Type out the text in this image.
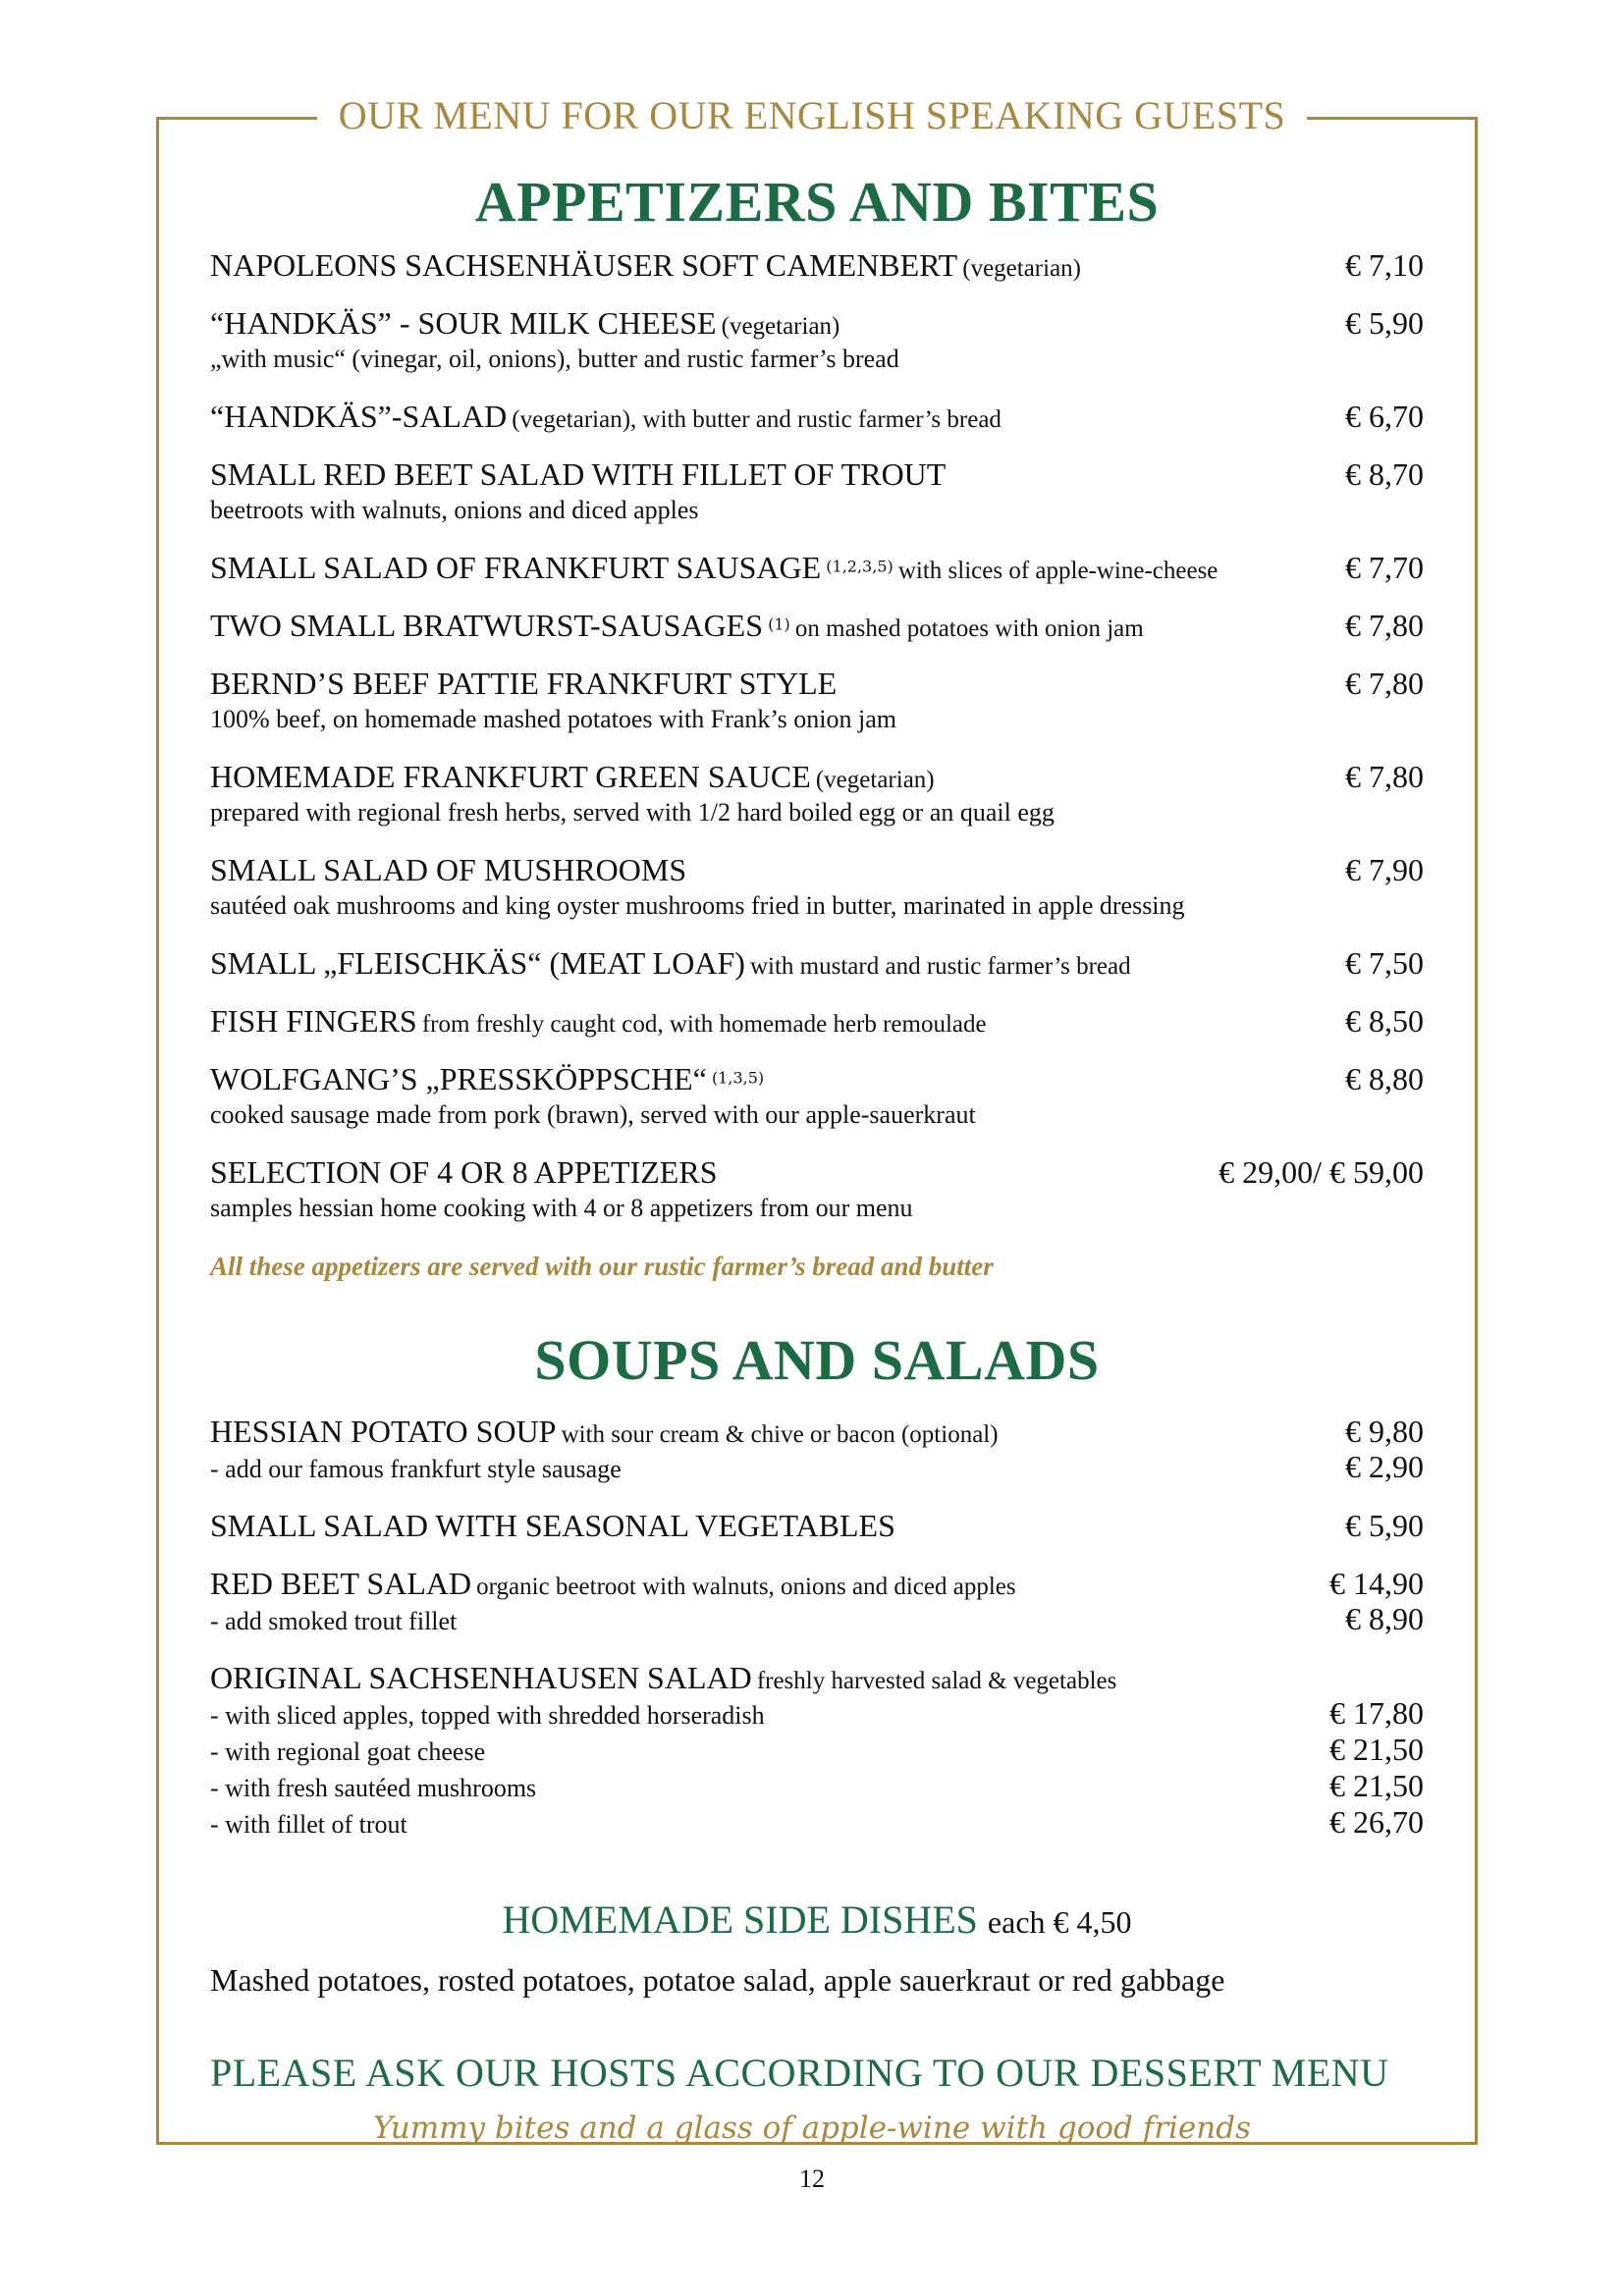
OUR MENU FOR OUR ENGLISH SPEAKING GUESTS
APPETIZERS AND BITES
NAPOLEONS SACHSENHÄUSER SOFT CAMENBERT (vegetarian)	€ 7,10
“HANDKÄS” - SOUR MILK CHEESE (vegetarian)	€ 5,90
„with music“ (vinegar, oil, onions), butter and rustic farmer’s bread
“HANDKÄS”-SALAD (vegetarian), with butter and rustic farmer’s bread	€ 6,70
SMALL RED BEET SALAD WITH FILLET OF TROUT	€ 8,70
beetroots with walnuts, onions and diced apples
SMALL SALAD OF FRANKFURT SAUSAGE (1,2,3,5) with slices of apple-wine-cheese	€ 7,70
TWO SMALL BRATWURST-SAUSAGES (1) on mashed potatoes with onion jam	€ 7,80
BERND’S BEEF PATTIE FRANKFURT STYLE	€ 7,80
100% beef, on homemade mashed potatoes with Frank’s onion jam
HOMEMADE FRANKFURT GREEN SAUCE (vegetarian)	€ 7,80
prepared with regional fresh herbs, served with 1/2 hard boiled egg or an quail egg
SMALL SALAD OF MUSHROOMS	€ 7,90
sautéed oak mushrooms and king oyster mushrooms fried in butter, marinated in apple dressing
SMALL „FLEISCHKÄS“ (MEAT LOAF) with mustard and rustic farmer’s bread	€ 7,50
FISH FINGERS from freshly caught cod, with homemade herb remoulade	€ 8,50
WOLFGANG’S „PRESSKÖPPSCHE“ (1,3,5)	€ 8,80
cooked sausage made from pork (brawn), served with our apple-sauerkraut
SELECTION OF 4 OR 8 APPETIZERS	€ 29,00/ € 59,00
samples hessian home cooking with 4 or 8 appetizers from our menu
All these appetizers are served with our rustic farmer’s bread and butter
SOUPS AND SALADS
HESSIAN POTATO SOUP with sour cream & chive or bacon (optional)	€ 9,80
- add our famous frankfurt style sausage	€ 2,90
SMALL SALAD WITH SEASONAL VEGETABLES	€ 5,90
RED BEET SALAD organic beetroot with walnuts, onions and diced apples	€ 14,90
- add smoked trout fillet	€ 8,90
ORIGINAL SACHSENHAUSEN SALAD freshly harvested salad & vegetables
- with sliced apples, topped with shredded horseradish	€ 17,80
- with regional goat cheese	€ 21,50
- with fresh sautéed mushrooms	€ 21,50
- with fillet of trout	€ 26,70
HOMEMADE SIDE DISHES each € 4,50
Mashed potatoes, rosted potatoes, potatoe salad, apple sauerkraut or red gabbage
PLEASE ASK OUR HOSTS ACCORDING TO OUR DESSERT MENU
Yummy bites and a glass of apple-wine with good friends
12
